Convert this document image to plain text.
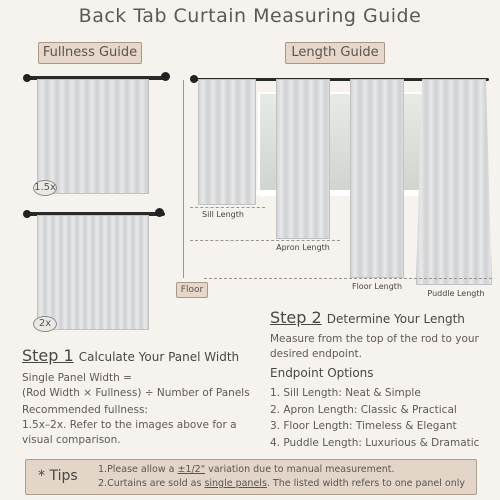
Back Tab Curtain Measuring Guide
Fullness Guide
1.5x
2x
Length Guide
Sill Length
Apron Length
Floor Length
Puddle Length
Floor
Step 2 Determine Your Length
Measure from the top of the rod to your
desired endpoint.
Endpoint Options
1. Sill Length: Neat & Simple
2. Apron Length: Classic & Practical
3. Floor Length: Timeless & Elegant
4. Puddle Length: Luxurious & Dramatic
Step 1 Calculate Your Panel Width
Single Panel Width =
(Rod Width × Fullness) ÷ Number of Panels
Recommended fullness:
1.5x–2x. Refer to the images above for a
visual comparison.
* Tips 1.Please allow a ±1/2" variation due to manual measurement.
2.Curtains are sold as single panels. The listed width refers to one panel only
